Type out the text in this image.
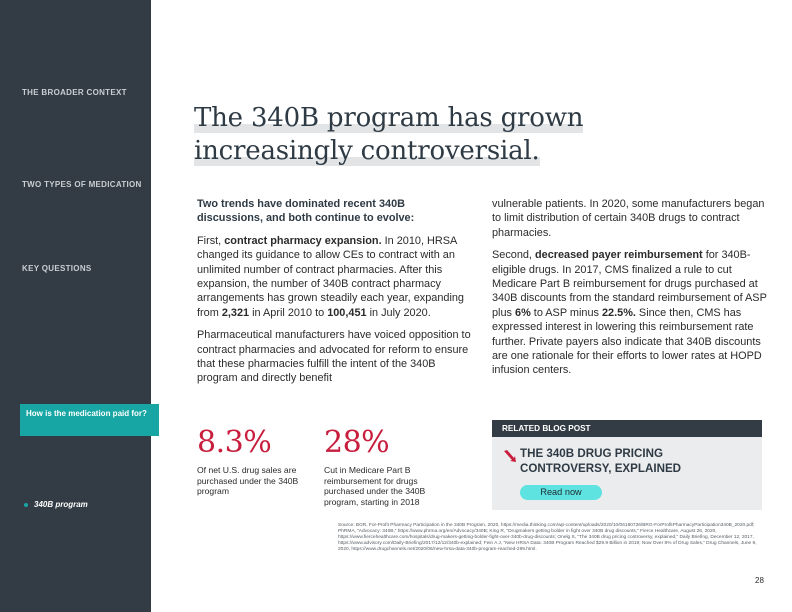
THE BROADER CONTEXT
TWO TYPES OF MEDICATION
KEY QUESTIONS
How is the medication paid for?
340B program
The 340B program has grown
increasingly controversial.

Two trends have dominated recent 340B discussions, and both continue to evolve:

First, contract pharmacy expansion. In 2010, HRSA changed its guidance to allow CEs to contract with an unlimited number of contract pharmacies. After this expansion, the number of 340B contract pharmacy arrangements has grown steadily each year, expanding from 2,321 in April 2010 to 100,451 in July 2020.

Pharmaceutical manufacturers have voiced opposition to contract pharmacies and advocated for reform to ensure that these pharmacies fulfill the intent of the 340B program and directly benefit

vulnerable patients. In 2020, some manufacturers began to limit distribution of certain 340B drugs to contract pharmacies.

Second, decreased payer reimbursement for 340B-eligible drugs. In 2017, CMS finalized a rule to cut Medicare Part B reimbursement for drugs purchased at 340B discounts from the standard reimbursement of ASP plus 6% to ASP minus 22.5%. Since then, CMS has expressed interest in lowering this reimbursement rate further. Private payers also indicate that 340B discounts are one rationale for their efforts to lower rates at HOPD infusion centers.

8.3%
Of net U.S. drug sales are purchased under the 340B program
28%
Cut in Medicare Part B reimbursement for drugs purchased under the 340B program, starting in 2018
RELATED BLOG POST
THE 340B DRUG PRICING CONTROVERSY, EXPLAINED
Read now
Source: BGR, For-Profit Pharmacy Participation in the 340B Program, 2020, https://media.thinking.com/wp-content/uploads/2020/10/06180726/BRG-ForProfitPharmacyParticipation340B_2020.pdf; PhRMA, “Advocacy: 340B,” https://www.phrma.org/en/Advocacy/340B; King R, “Drugmakers getting bolder in fight over 340B drug discounts,” Fierce Healthcare, August 26, 2020, https://www.fiercehealthcare.com/hospitals/drug-makers-getting-bolder-fight-over-340b-drug-discounts; Onelg S, “The 340B drug pricing controversy, explained,” Daily Briefing, December 12, 2017, https://www.advisory.com/Daily-Briefing/2017/12/12/340b-explained; Fein A J, “New HRSA Data: 340B Program Reached $29.9 Billion in 2019; Now Over 8% of Drug Sales,” Drug Channels, June 9, 2020, https://www.drugchannels.net/2020/06/new-hrsa-data-340b-program-reached-299.html.
28
